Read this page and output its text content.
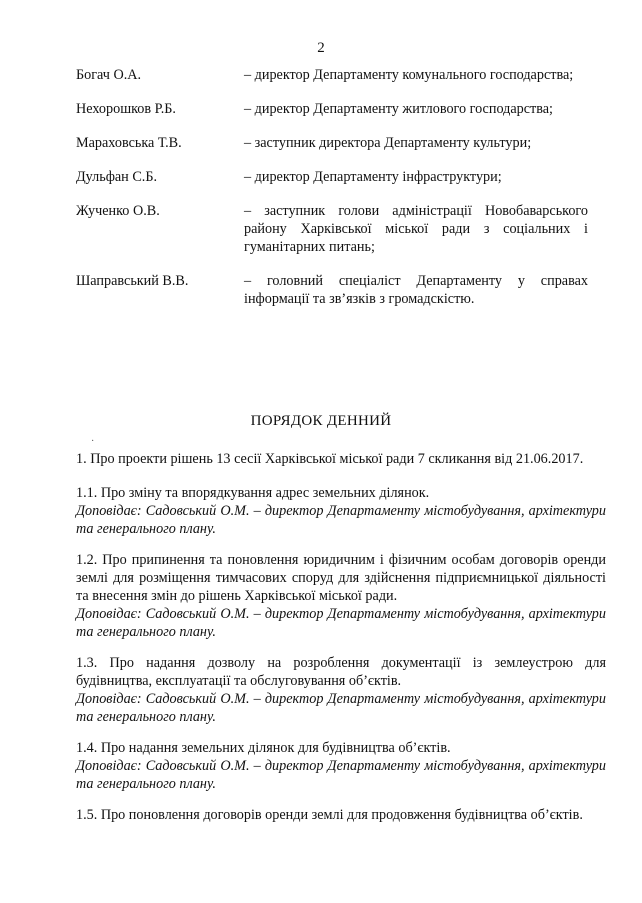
2
Богач О.А.	– директор Департаменту комунального господарства;
Нехорошков Р.Б.	– директор Департаменту житлового господарства;
Мараховська Т.В.	– заступник директора Департаменту культури;
Дульфан С.Б.	– директор Департаменту інфраструктури;
Жученко О.В.	– заступник голови адміністрації Новобаварського району Харківської міської ради з соціальних і гуманітарних питань;
Шаправський В.В.	– головний спеціаліст Департаменту у справах інформації та зв’язків з громадскістю.
ПОРЯДОК ДЕННИЙ
·
1. Про проекти рішень 13 сесії Харківської міської ради 7 скликання від 21.06.2017.
1.1. Про зміну та впорядкування адрес земельних ділянок.
Доповідає: Садовський О.М. – директор Департаменту містобудування, архітектури та генерального плану.
1.2. Про припинення та поновлення юридичним і фізичним особам договорів оренди землі для розміщення тимчасових споруд для здійснення підприємницької діяльності та внесення змін до рішень Харківської міської ради.
Доповідає: Садовський О.М. – директор Департаменту містобудування, архітектури та генерального плану.
1.3. Про надання дозволу на розроблення документації із землеустрою для будівництва, експлуатації та обслуговування об’єктів.
Доповідає: Садовський О.М. – директор Департаменту містобудування, архітектури та генерального плану.
1.4. Про надання земельних ділянок для будівництва об’єктів.
Доповідає: Садовський О.М. – директор Департаменту містобудування, архітектури та генерального плану.
1.5. Про поновлення договорів оренди землі для продовження будівництва об’єктів.
